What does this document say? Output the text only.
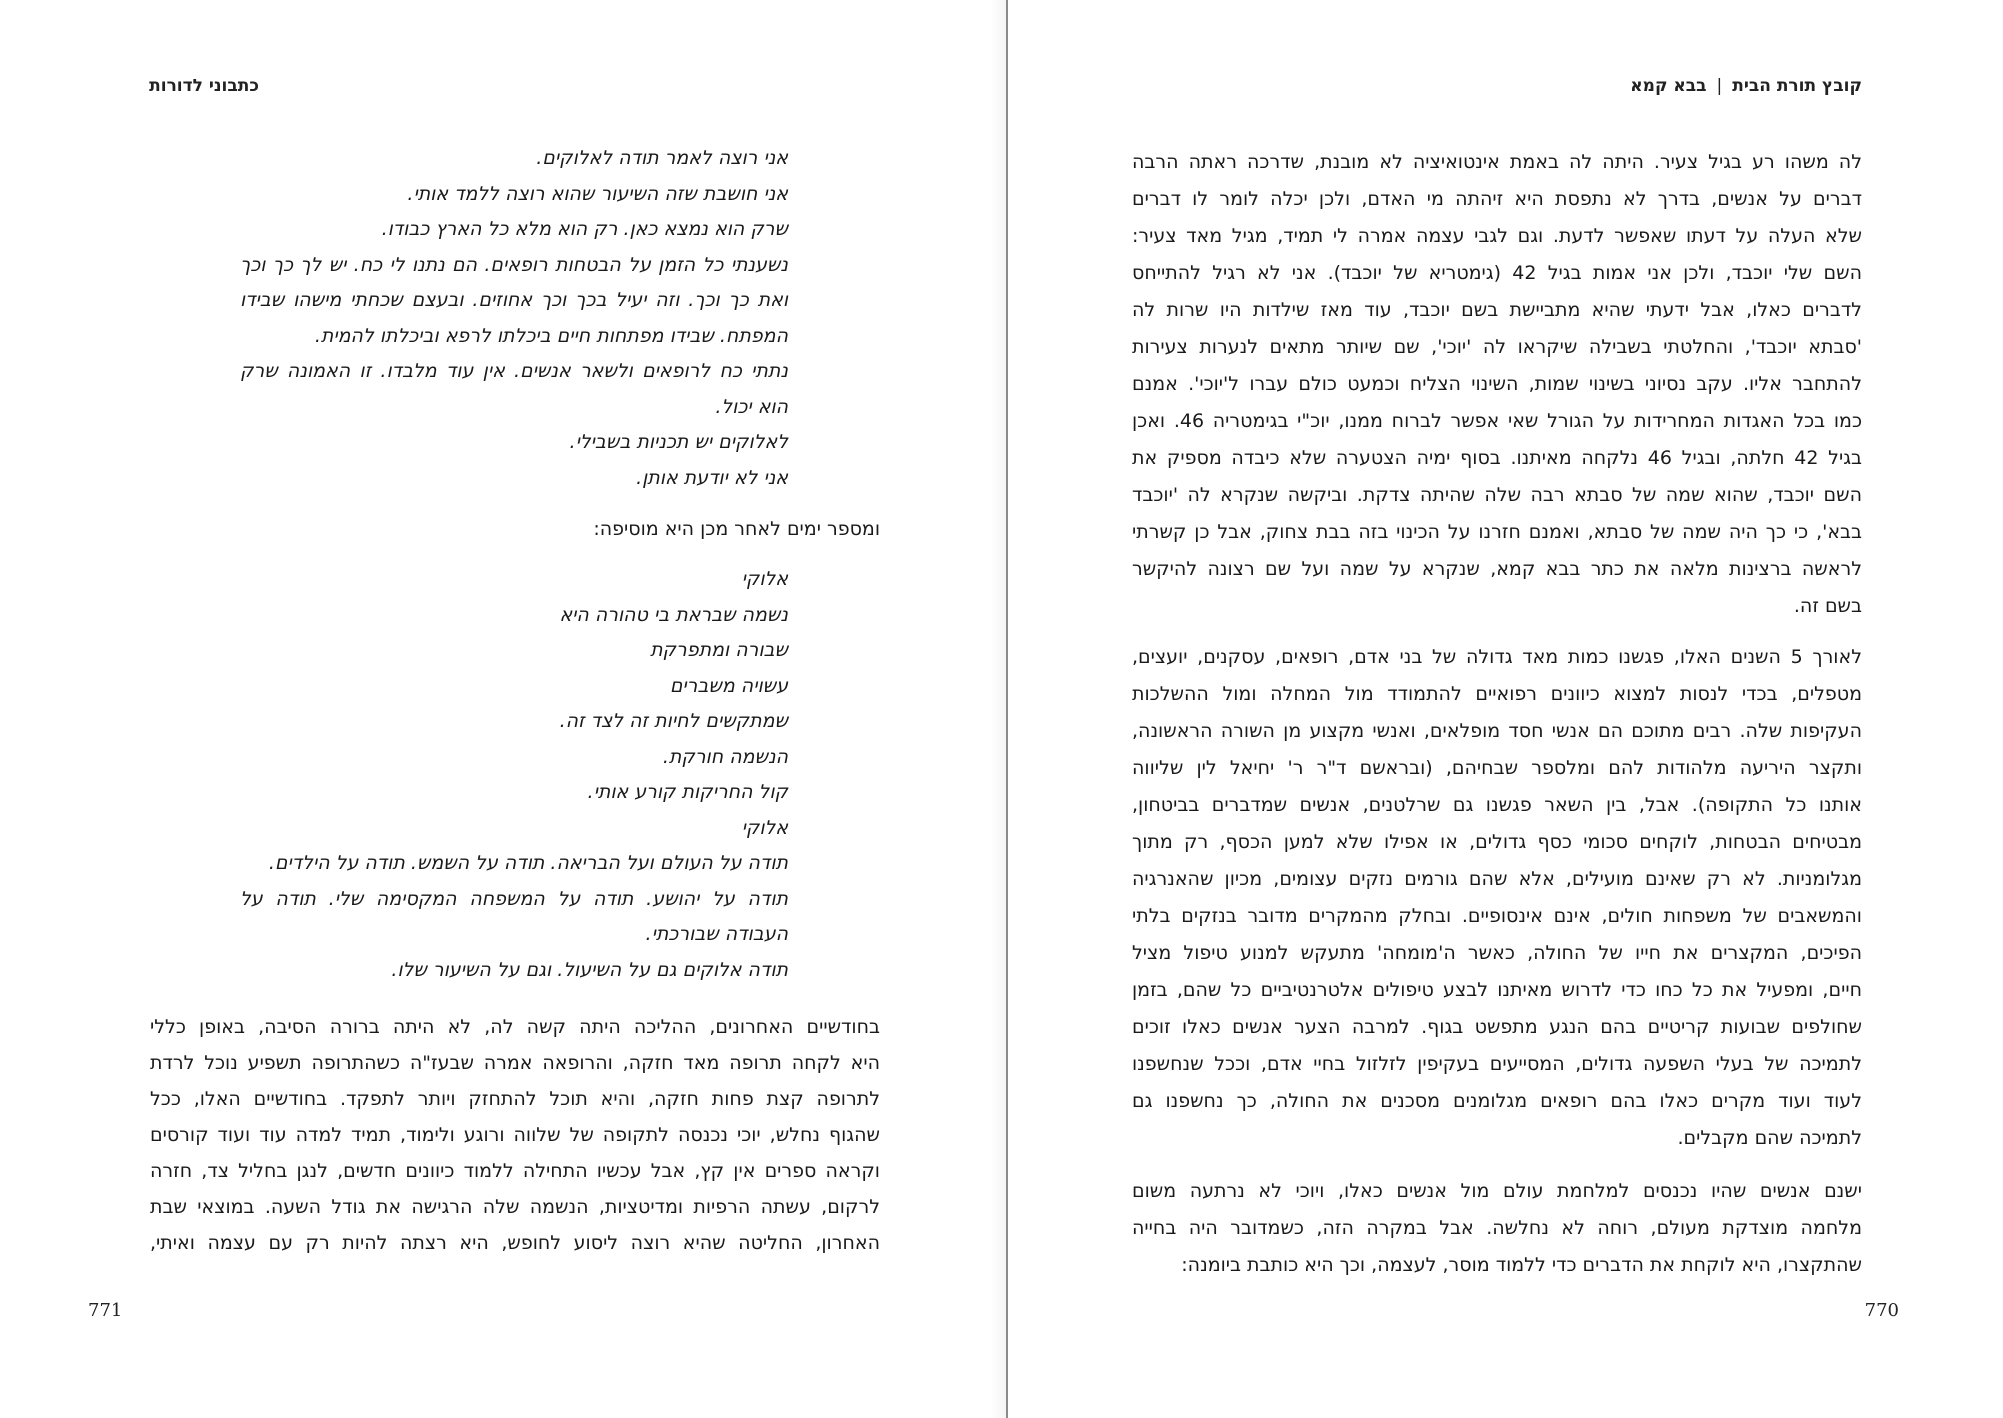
כתבוני לדורות
אני רוצה לאמר תודה לאלוקים.
אני חושבת שזה השיעור שהוא רוצה ללמד אותי.
שרק הוא נמצא כאן. רק הוא מלא כל הארץ כבודו.
נשענתי כל הזמן על הבטחות רופאים. הם נתנו לי כח. יש לך כך וכך
ואת כך וכך. וזה יעיל בכך וכך אחוזים. ובעצם שכחתי מישהו שבידו
המפתח. שבידו מפתחות חיים ביכלתו לרפא וביכלתו להמית.
נתתי כח לרופאים ולשאר אנשים. אין עוד מלבדו. זו האמונה שרק
הוא יכול.
לאלוקים יש תכניות בשבילי.
אני לא יודעת אותן.
ומספר ימים לאחר מכן היא מוסיפה:
אלוקי
נשמה שבראת בי טהורה היא
שבורה ומתפרקת
עשויה משברים
שמתקשים לחיות זה לצד זה.
הנשמה חורקת.
קול החריקות קורע אותי.
אלוקי
תודה על העולם ועל הבריאה. תודה על השמש. תודה על הילדים.
תודה על יהושע. תודה על המשפחה המקסימה שלי. תודה על
העבודה שבורכתי.
תודה אלוקים גם על השיעול. וגם על השיעור שלו.
בחודשיים האחרונים, ההליכה היתה קשה לה, לא היתה ברורה הסיבה, באופן כללי
היא לקחה תרופה מאד חזקה, והרופאה אמרה שבעז"ה כשהתרופה תשפיע נוכל לרדת
לתרופה קצת פחות חזקה, והיא תוכל להתחזק ויותר לתפקד. בחודשיים האלו, ככל
שהגוף נחלש, יוכי נכנסה לתקופה של שלווה ורוגע ולימוד, תמיד למדה עוד ועוד קורסים
וקראה ספרים אין קץ, אבל עכשיו התחילה ללמוד כיוונים חדשים, לנגן בחליל צד, חזרה
לרקום, עשתה הרפיות ומדיטציות, הנשמה שלה הרגישה את גודל השעה. במוצאי שבת
האחרון, החליטה שהיא רוצה ליסוע לחופש, היא רצתה להיות רק עם עצמה ואיתי,
771
קובץ תורת הבית|בבא קמא
לה משהו רע בגיל צעיר. היתה לה באמת אינטואיציה לא מובנת, שדרכה ראתה הרבה
דברים על אנשים, בדרך לא נתפסת היא זיהתה מי האדם, ולכן יכלה לומר לו דברים
שלא העלה על דעתו שאפשר לדעת. וגם לגבי עצמה אמרה לי תמיד, מגיל מאד צעיר:
השם שלי יוכבד, ולכן אני אמות בגיל 42 (גימטריא של יוכבד). אני לא רגיל להתייחס
לדברים כאלו, אבל ידעתי שהיא מתביישת בשם יוכבד, עוד מאז שילדות היו שרות לה
'סבתא יוכבד', והחלטתי בשבילה שיקראו לה 'יוכי', שם שיותר מתאים לנערות צעירות
להתחבר אליו. עקב נסיוני בשינוי שמות, השינוי הצליח וכמעט כולם עברו ל'יוכי'. אמנם
כמו בכל האגדות המחרידות על הגורל שאי אפשר לברוח ממנו, יוכ"י בגימטריה 46. ואכן
בגיל 42 חלתה, ובגיל 46 נלקחה מאיתנו. בסוף ימיה הצטערה שלא כיבדה מספיק את
השם יוכבד, שהוא שמה של סבתא רבה שלה שהיתה צדקת. וביקשה שנקרא לה 'יוכבד
בבא', כי כך היה שמה של סבתא, ואמנם חזרנו על הכינוי בזה בבת צחוק, אבל כן קשרתי
לראשה ברצינות מלאה את כתר בבא קמא, שנקרא על שמה ועל שם רצונה להיקשר
בשם זה.
לאורך 5 השנים האלו, פגשנו כמות מאד גדולה של בני אדם, רופאים, עסקנים, יועצים,
מטפלים, בכדי לנסות למצוא כיוונים רפואיים להתמודד מול המחלה ומול ההשלכות
העקיפות שלה. רבים מתוכם הם אנשי חסד מופלאים, ואנשי מקצוע מן השורה הראשונה,
ותקצר היריעה מלהודות להם ומלספר שבחיהם, (ובראשם ד"ר ר' יחיאל לין שליווה
אותנו כל התקופה). אבל, בין השאר פגשנו גם שרלטנים, אנשים שמדברים בביטחון,
מבטיחים הבטחות, לוקחים סכומי כסף גדולים, או אפילו שלא למען הכסף, רק מתוך
מגלומניות. לא רק שאינם מועילים, אלא שהם גורמים נזקים עצומים, מכיון שהאנרגיה
והמשאבים של משפחות חולים, אינם אינסופיים. ובחלק מהמקרים מדובר בנזקים בלתי
הפיכים, המקצרים את חייו של החולה, כאשר ה'מומחה' מתעקש למנוע טיפול מציל
חיים, ומפעיל את כל כחו כדי לדרוש מאיתנו לבצע טיפולים אלטרנטיביים כל שהם, בזמן
שחולפים שבועות קריטיים בהם הנגע מתפשט בגוף. למרבה הצער אנשים כאלו זוכים
לתמיכה של בעלי השפעה גדולים, המסייעים בעקיפין לזלזול בחיי אדם, וככל שנחשפנו
לעוד ועוד מקרים כאלו בהם רופאים מגלומנים מסכנים את החולה, כך נחשפנו גם
לתמיכה שהם מקבלים.
ישנם אנשים שהיו נכנסים למלחמת עולם מול אנשים כאלו, ויוכי לא נרתעה משום
מלחמה מוצדקת מעולם, רוחה לא נחלשה. אבל במקרה הזה, כשמדובר היה בחייה
שהתקצרו, היא לוקחת את הדברים כדי ללמוד מוסר, לעצמה, וכך היא כותבת ביומנה:
770
